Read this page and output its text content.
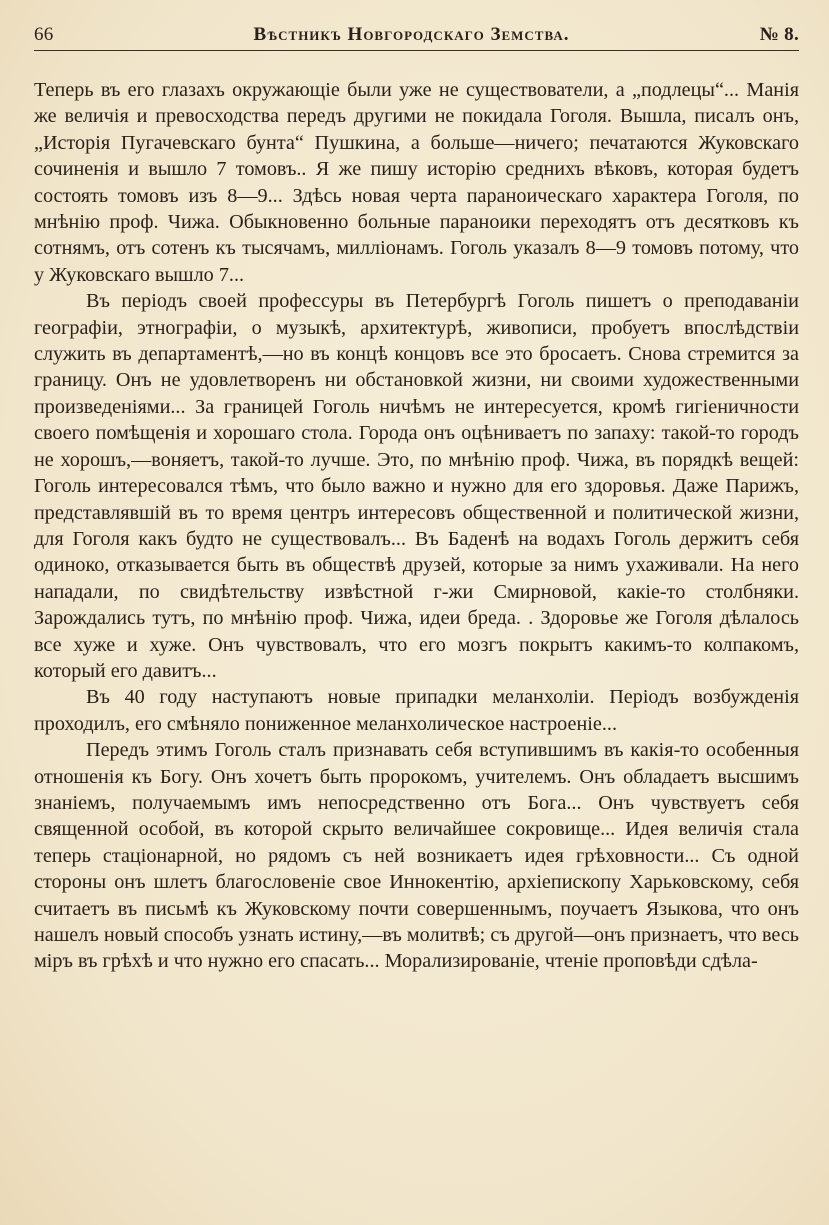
66	Вѣстникъ Новгородскаго Земства.	№ 8.

Теперь въ его глазахъ окружающіе были уже не существователи, а „подлецы“... Манія же величія и превосходства передъ другими не покидала Гоголя. Вышла, писалъ онъ, „Исторія Пугачевскаго бунта“ Пушкина, а больше—ничего; печатаются Жуковскаго сочиненія и вышло 7 томовъ.. Я же пишу исторію среднихъ вѣковъ, которая будетъ состоять томовъ изъ 8—9... Здѣсь новая черта параноическаго характера Гоголя, по мнѣнію проф. Чижа. Обыкновенно больные параноики переходятъ отъ десятковъ къ сотнямъ, отъ сотенъ къ тысячамъ, милліонамъ. Гоголь указалъ 8—9 томовъ потому, что у Жуковскаго вышло 7...

Въ періодъ своей профессуры въ Петербургѣ Гоголь пишетъ о преподаваніи географіи, этнографіи, о музыкѣ, архитектурѣ, живописи, пробуетъ впослѣдствіи служить въ департаментѣ,—но въ концѣ концовъ все это бросаетъ. Снова стремится за границу. Онъ не удовлетворенъ ни обстановкой жизни, ни своими художественными произведеніями... За границей Гоголь ничѣмъ не интересуется, кромѣ гигіеничности своего помѣщенія и хорошаго стола. Города онъ оцѣниваетъ по запаху: такой-то городъ не хорошъ,—воняетъ, такой-то лучше. Это, по мнѣнію проф. Чижа, въ порядкѣ вещей: Гоголь интересовался тѣмъ, что было важно и нужно для его здоровья. Даже Парижъ, представлявшій въ то время центръ интересовъ общественной и политической жизни, для Гоголя какъ будто не существовалъ... Въ Баденѣ на водахъ Гоголь держитъ себя одиноко, отказывается быть въ обществѣ друзей, которые за нимъ ухаживали. На него нападали, по свидѣтельству извѣстной г-жи Смирновой, какіе-то столбняки. Зарождались тутъ, по мнѣнію проф. Чижа, идеи бреда. . Здоровье же Гоголя дѣлалось все хуже и хуже. Онъ чувствовалъ, что его мозгъ покрытъ какимъ-то колпакомъ, который его давитъ...

Въ 40 году наступаютъ новые припадки меланхоліи. Періодъ возбужденія проходилъ, его смѣняло пониженное меланхолическое настроеніе...

Передъ этимъ Гоголь сталъ признавать себя вступившимъ въ какія-то особенныя отношенія къ Богу. Онъ хочетъ быть пророкомъ, учителемъ. Онъ обладаетъ высшимъ знаніемъ, получаемымъ имъ непосредственно отъ Бога... Онъ чувствуетъ себя священной особой, въ которой скрыто величайшее сокровище... Идея величія стала теперь стаціонарной, но рядомъ съ ней возникаетъ идея грѣховности... Съ одной стороны онъ шлетъ благословеніе свое Иннокентію, архіепископу Харьковскому, себя считаетъ въ письмѣ къ Жуковскому почти совершеннымъ, поучаетъ Языкова, что онъ нашелъ новый способъ узнать истину,—въ молитвѣ; съ другой—онъ признаетъ, что весь міръ въ грѣхѣ и что нужно его спасать... Морализированіе, чтеніе проповѣди сдѣла-
